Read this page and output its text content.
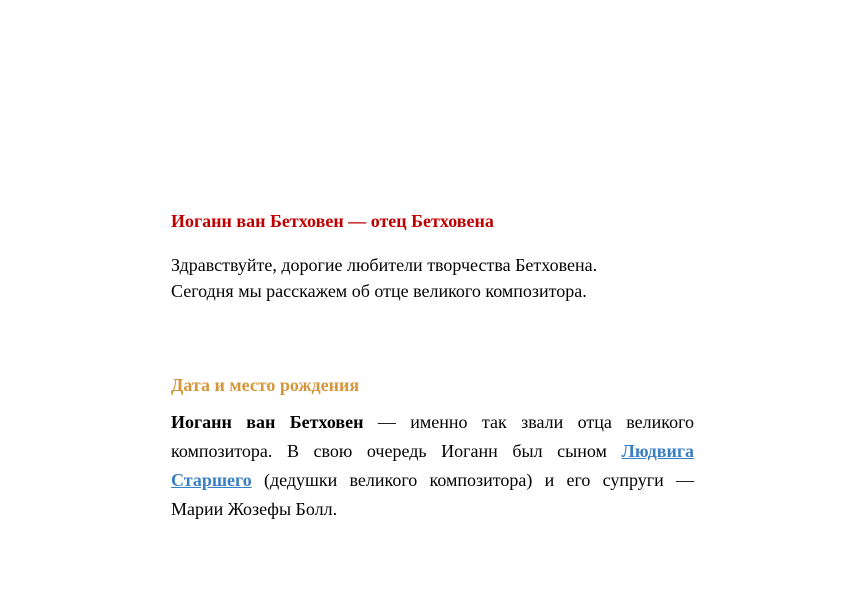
Иоганн ван Бетховен — отец Бетховена

Здравствуйте, дорогие любители творчества Бетховена.
Сегодня мы расскажем об отце великого композитора.

Дата и место рождения

Иоганн ван Бетховен — именно так звали отца великого композитора. В свою очередь Иоганн был сыном Людвига Старшего (дедушки великого композитора) и его супруги — Марии Жозефы Болл.
